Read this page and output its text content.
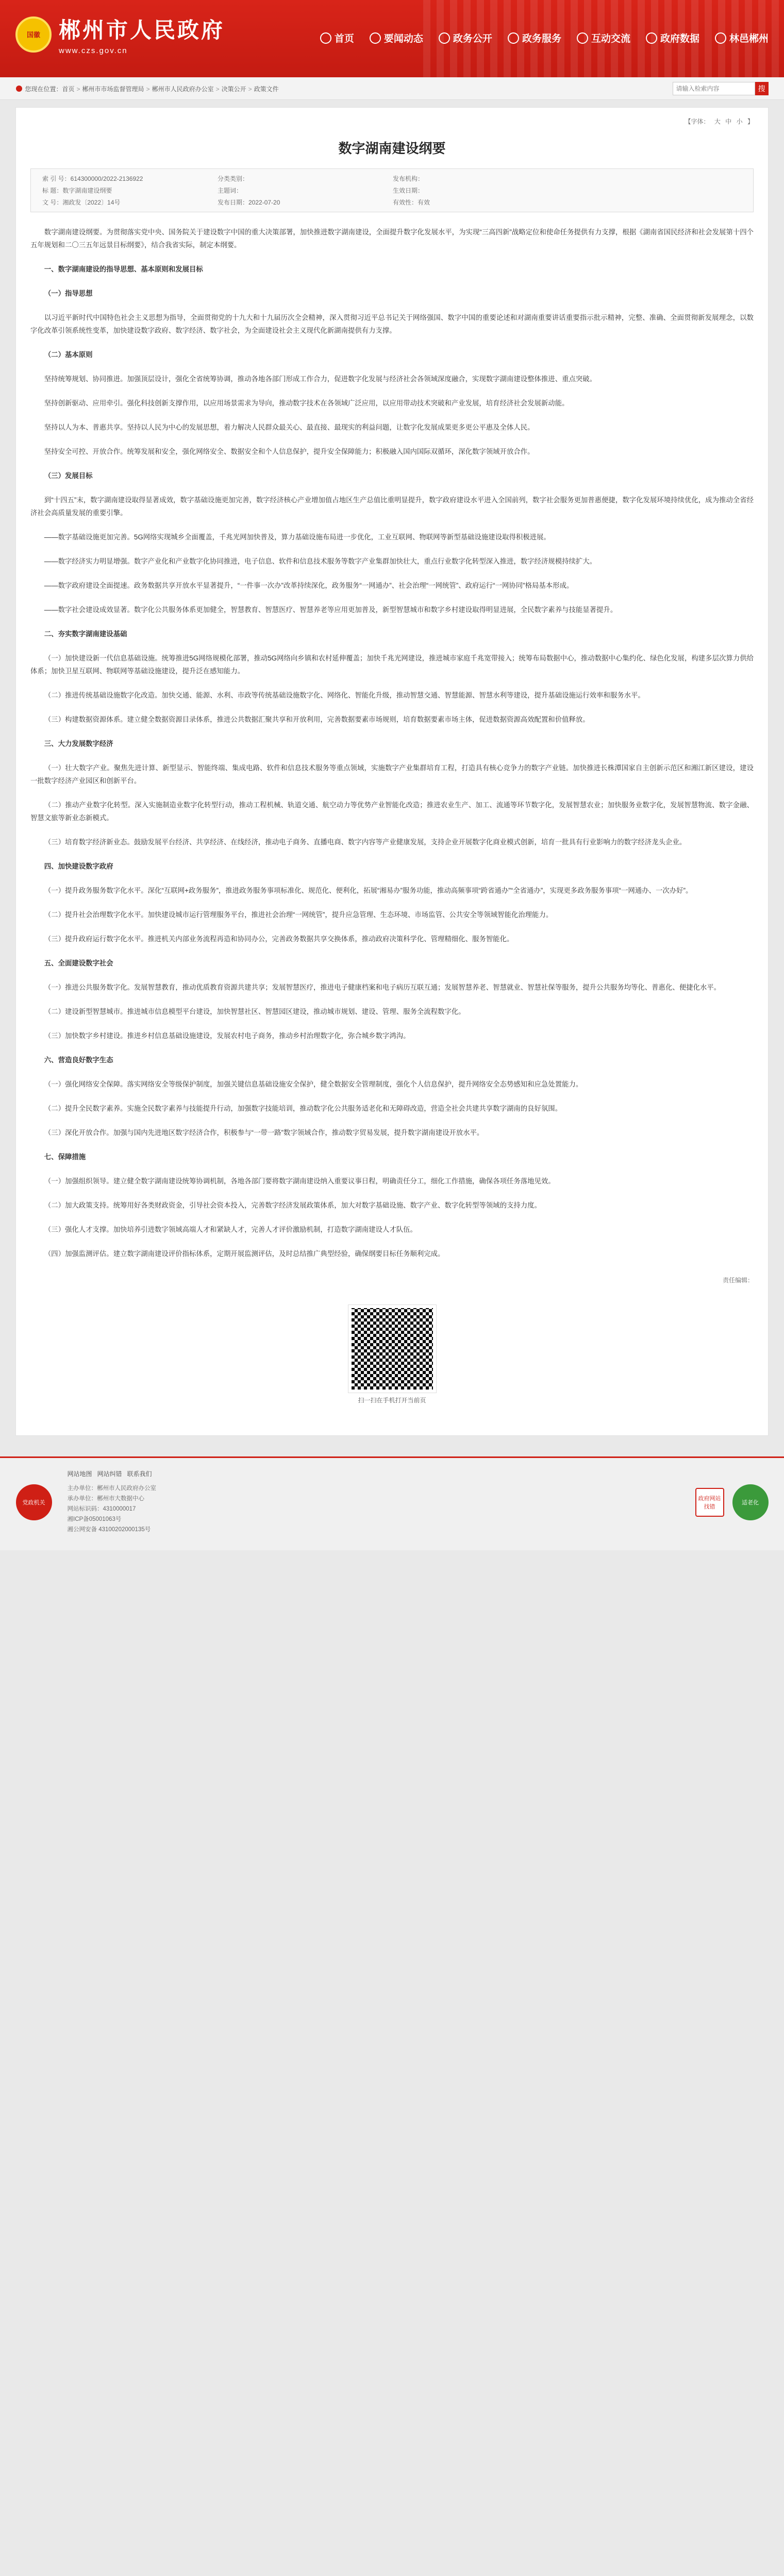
国徽 郴州市人民政府
www.czs.gov.cn
首页	要闻动态	政务公开	政务服务	互动交流	政府数据	林邑郴州
您现在位置： 首页 > 郴州市市场监督管理局 > 郴州市人民政府办公室 > 决策公开 > 政策文件
请输入检索内容	搜
【字体： 大 中 小 】
数字湖南建设纲要
索 引 号：614300000/2022-2136922	分类类别：	发布机构：
标 题：数字湖南建设纲要	主题词：	生效日期：
文 号：湘政发〔2022〕14号	发布日期：2022-07-20	有效性：有效

数字湖南建设纲要。为贯彻落实党中央、国务院关于建设数字中国的重大决策部署，加快推进数字湖南建设，全面提升数字化发展水平，为实现“三高四新”战略定位和使命任务提供有力支撑，根据《湖南省国民经济和社会发展第十四个五年规划和二〇三五年远景目标纲要》，结合我省实际，制定本纲要。

一、数字湖南建设的指导思想、基本原则和发展目标

（一）指导思想

以习近平新时代中国特色社会主义思想为指导，全面贯彻党的十九大和十九届历次全会精神，深入贯彻习近平总书记关于网络强国、数字中国的重要论述和对湖南重要讲话重要指示批示精神，完整、准确、全面贯彻新发展理念，以数字化改革引领系统性变革，加快建设数字政府、数字经济、数字社会，为全面建设社会主义现代化新湖南提供有力支撑。

（二）基本原则

坚持统筹规划、协同推进。加强顶层设计，强化全省统筹协调，推动各地各部门形成工作合力，促进数字化发展与经济社会各领域深度融合，实现数字湖南建设整体推进、重点突破。

坚持创新驱动、应用牵引。强化科技创新支撑作用，以应用场景需求为导向，推动数字技术在各领域广泛应用，以应用带动技术突破和产业发展，培育经济社会发展新动能。

坚持以人为本、普惠共享。坚持以人民为中心的发展思想，着力解决人民群众最关心、最直接、最现实的利益问题，让数字化发展成果更多更公平惠及全体人民。

坚持安全可控、开放合作。统筹发展和安全，强化网络安全、数据安全和个人信息保护，提升安全保障能力；积极融入国内国际双循环，深化数字领域开放合作。

（三）发展目标

到“十四五”末，数字湖南建设取得显著成效，数字基础设施更加完善，数字经济核心产业增加值占地区生产总值比重明显提升，数字政府建设水平进入全国前列，数字社会服务更加普惠便捷，数字化发展环境持续优化，成为推动全省经济社会高质量发展的重要引擎。

——数字基础设施更加完善。5G网络实现城乡全面覆盖，千兆光网加快普及，算力基础设施布局进一步优化，工业互联网、物联网等新型基础设施建设取得积极进展。

——数字经济实力明显增强。数字产业化和产业数字化协同推进，电子信息、软件和信息技术服务等数字产业集群加快壮大，重点行业数字化转型深入推进，数字经济规模持续扩大。

——数字政府建设全面提速。政务数据共享开放水平显著提升，“一件事一次办”改革持续深化，政务服务“一网通办”、社会治理“一网统管”、政府运行“一网协同”格局基本形成。

——数字社会建设成效显著。数字化公共服务体系更加健全，智慧教育、智慧医疗、智慧养老等应用更加普及，新型智慧城市和数字乡村建设取得明显进展，全民数字素养与技能显著提升。

二、夯实数字湖南建设基础

（一）加快建设新一代信息基础设施。统筹推进5G网络规模化部署，推动5G网络向乡镇和农村延伸覆盖；加快千兆光网建设，推进城市家庭千兆宽带接入；统筹布局数据中心，推动数据中心集约化、绿色化发展，构建多层次算力供给体系；加快卫星互联网、物联网等基础设施建设，提升泛在感知能力。

（二）推进传统基础设施数字化改造。加快交通、能源、水利、市政等传统基础设施数字化、网络化、智能化升级，推动智慧交通、智慧能源、智慧水利等建设，提升基础设施运行效率和服务水平。

（三）构建数据资源体系。建立健全数据资源目录体系，推进公共数据汇聚共享和开放利用，完善数据要素市场规则，培育数据要素市场主体，促进数据资源高效配置和价值释放。

三、大力发展数字经济

（一）壮大数字产业。聚焦先进计算、新型显示、智能终端、集成电路、软件和信息技术服务等重点领域，实施数字产业集群培育工程，打造具有核心竞争力的数字产业链。加快推进长株潭国家自主创新示范区和湘江新区建设，建设一批数字经济产业园区和创新平台。

（二）推动产业数字化转型。深入实施制造业数字化转型行动，推动工程机械、轨道交通、航空动力等优势产业智能化改造；推进农业生产、加工、流通等环节数字化，发展智慧农业；加快服务业数字化，发展智慧物流、数字金融、智慧文旅等新业态新模式。

（三）培育数字经济新业态。鼓励发展平台经济、共享经济、在线经济，推动电子商务、直播电商、数字内容等产业健康发展，支持企业开展数字化商业模式创新，培育一批具有行业影响力的数字经济龙头企业。

四、加快建设数字政府

（一）提升政务服务数字化水平。深化“互联网+政务服务”，推进政务服务事项标准化、规范化、便利化，拓展“湘易办”服务功能，推动高频事项“跨省通办”“全省通办”，实现更多政务服务事项“一网通办、一次办好”。

（二）提升社会治理数字化水平。加快建设城市运行管理服务平台，推进社会治理“一网统管”，提升应急管理、生态环境、市场监管、公共安全等领域智能化治理能力。

（三）提升政府运行数字化水平。推进机关内部业务流程再造和协同办公，完善政务数据共享交换体系，推动政府决策科学化、管理精细化、服务智能化。

五、全面建设数字社会

（一）推进公共服务数字化。发展智慧教育，推动优质教育资源共建共享；发展智慧医疗，推进电子健康档案和电子病历互联互通；发展智慧养老、智慧就业、智慧社保等服务，提升公共服务均等化、普惠化、便捷化水平。

（二）建设新型智慧城市。推进城市信息模型平台建设，加快智慧社区、智慧园区建设，推动城市规划、建设、管理、服务全流程数字化。

（三）加快数字乡村建设。推进乡村信息基础设施建设，发展农村电子商务，推动乡村治理数字化，弥合城乡数字鸿沟。

六、营造良好数字生态

（一）强化网络安全保障。落实网络安全等级保护制度，加强关键信息基础设施安全保护，健全数据安全管理制度，强化个人信息保护，提升网络安全态势感知和应急处置能力。

（二）提升全民数字素养。实施全民数字素养与技能提升行动，加强数字技能培训，推动数字化公共服务适老化和无障碍改造，营造全社会共建共享数字湖南的良好氛围。

（三）深化开放合作。加强与国内先进地区数字经济合作，积极参与“一带一路”数字领域合作，推动数字贸易发展，提升数字湖南建设开放水平。

七、保障措施

（一）加强组织领导。建立健全数字湖南建设统筹协调机制，各地各部门要将数字湖南建设纳入重要议事日程，明确责任分工，细化工作措施，确保各项任务落地见效。

（二）加大政策支持。统筹用好各类财政资金，引导社会资本投入，完善数字经济发展政策体系，加大对数字基础设施、数字产业、数字化转型等领域的支持力度。

（三）强化人才支撑。加快培养引进数字领域高端人才和紧缺人才，完善人才评价激励机制，打造数字湖南建设人才队伍。

（四）加强监测评估。建立数字湖南建设评价指标体系，定期开展监测评估，及时总结推广典型经验，确保纲要目标任务顺利完成。

责任编辑：
扫一扫在手机打开当前页
党政机关
网站地图 网站纠错 联系我们
主办单位：郴州市人民政府办公室
承办单位：郴州市大数据中心
网站标识码：4310000017
湘ICP备05001063号
湘公网安备 43100202000135号
政府网站找错
适老化
